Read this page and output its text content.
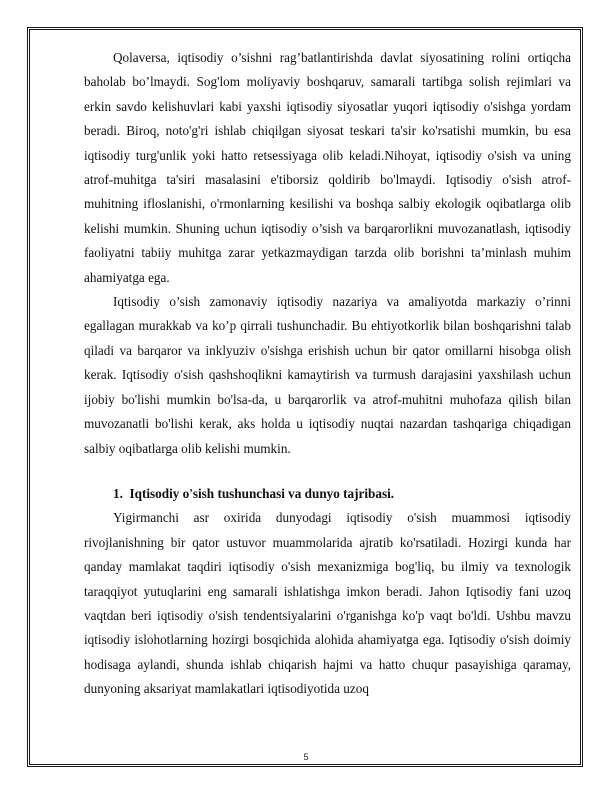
Qolaversa, iqtisodiy o’sishni rag’batlantirishda davlat siyosatining rolini ortiqcha baholab bo’lmaydi. Sog'lom moliyaviy boshqaruv, samarali tartibga solish rejimlari va erkin savdo kelishuvlari kabi yaxshi iqtisodiy siyosatlar yuqori iqtisodiy o'sishga yordam beradi. Biroq, noto'g'ri ishlab chiqilgan siyosat teskari ta'sir ko'rsatishi mumkin, bu esa iqtisodiy turg'unlik yoki hatto retsessiyaga olib keladi.Nihoyat, iqtisodiy o'sish va uning atrof-muhitga ta'siri masalasini e'tiborsiz qoldirib bo'lmaydi. Iqtisodiy o'sish atrof-muhitning ifloslanishi, o'rmonlarning kesilishi va boshqa salbiy ekologik oqibatlarga olib kelishi mumkin. Shuning uchun iqtisodiy o’sish va barqarorlikni muvozanatlash, iqtisodiy faoliyatni tabiiy muhitga zarar yetkazmaydigan tarzda olib borishni ta’minlash muhim ahamiyatga ega.

Iqtisodiy o’sish zamonaviy iqtisodiy nazariya va amaliyotda markaziy o’rinni egallagan murakkab va ko’p qirrali tushunchadir. Bu ehtiyotkorlik bilan boshqarishni talab qiladi va barqaror va inklyuziv o'sishga erishish uchun bir qator omillarni hisobga olish kerak. Iqtisodiy o'sish qashshoqlikni kamaytirish va turmush darajasini yaxshilash uchun ijobiy bo'lishi mumkin bo'lsa-da, u barqarorlik va atrof-muhitni muhofaza qilish bilan muvozanatli bo'lishi kerak, aks holda u iqtisodiy nuqtai nazardan tashqariga chiqadigan salbiy oqibatlarga olib kelishi mumkin.

1. Iqtisodiy o'sish tushunchasi va dunyo tajribasi.

Yigirmanchi asr oxirida dunyodagi iqtisodiy o'sish muammosi iqtisodiy rivojlanishning bir qator ustuvor muammolarida ajratib ko'rsatiladi. Hozirgi kunda har qanday mamlakat taqdiri iqtisodiy o'sish mexanizmiga bog'liq, bu ilmiy va texnologik taraqqiyot yutuqlarini eng samarali ishlatishga imkon beradi. Jahon Iqtisodiy fani uzoq vaqtdan beri iqtisodiy o'sish tendentsiyalarini o'rganishga ko'p vaqt bo'ldi. Ushbu mavzu iqtisodiy islohotlarning hozirgi bosqichida alohida ahamiyatga ega. Iqtisodiy o'sish doimiy hodisaga aylandi, shunda ishlab chiqarish hajmi va hatto chuqur pasayishiga qaramay, dunyoning aksariyat mamlakatlari iqtisodiyotida uzoq

5
